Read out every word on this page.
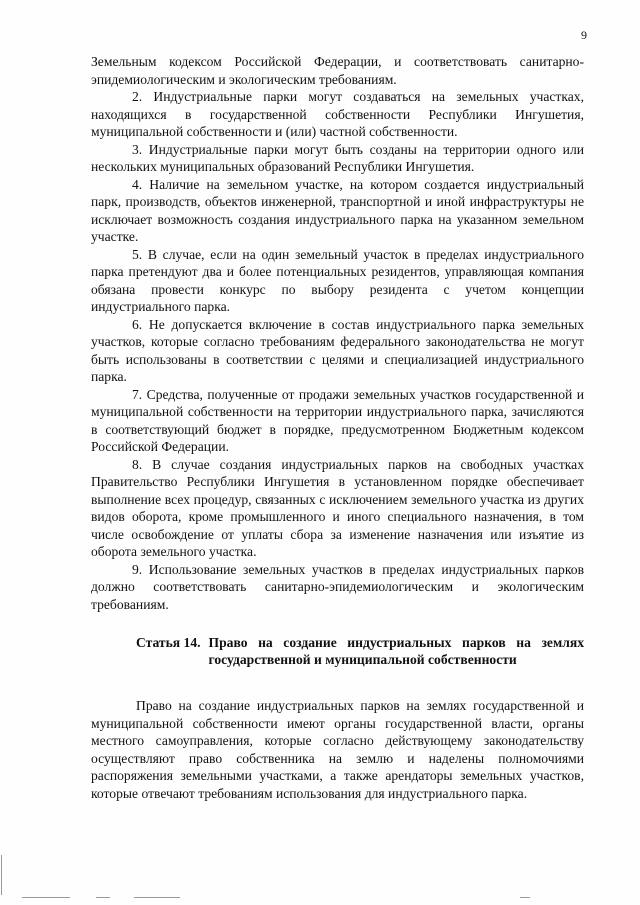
9

Земельным кодексом Российской Федерации, и соответствовать санитарно-эпидемиологическим и экологическим требованиям.

2. Индустриальные парки могут создаваться на земельных участках, находящихся в государственной собственности Республики Ингушетия, муниципальной собственности и (или) частной собственности.

3. Индустриальные парки могут быть созданы на территории одного или нескольких муниципальных образований Республики Ингушетия.

4. Наличие на земельном участке, на котором создается индустриальный парк, производств, объектов инженерной, транспортной и иной инфраструктуры не исключает возможность создания индустриального парка на указанном земельном участке.

5. В случае, если на один земельный участок в пределах индустриального парка претендуют два и более потенциальных резидентов, управляющая компания обязана провести конкурс по выбору резидента с учетом концепции индустриального парка.

6. Не допускается включение в состав индустриального парка земельных участков, которые согласно требованиям федерального законодательства не могут быть использованы в соответствии с целями и специализацией индустриального парка.

7. Средства, полученные от продажи земельных участков государственной и муниципальной собственности на территории индустриального парка, зачисляются в соответствующий бюджет в порядке, предусмотренном Бюджетным кодексом Российской Федерации.

8. В случае создания индустриальных парков на свободных участках Правительство Республики Ингушетия в установленном порядке обеспечивает выполнение всех процедур, связанных с исключением земельного участка из других видов оборота, кроме промышленного и иного специального назначения, в том числе освобождение от уплаты сбора за изменение назначения или изъятие из оборота земельного участка.

9. Использование земельных участков в пределах индустриальных парков должно соответствовать санитарно-эпидемиологическим и экологическим требованиям.

Статья 14. Право на создание индустриальных парков на землях государственной и муниципальной собственности

Право на создание индустриальных парков на землях государственной и муниципальной собственности имеют органы государственной власти, органы местного самоуправления, которые согласно действующему законодательству осуществляют право собственника на землю и наделены полномочиями распоряжения земельными участками, а также арендаторы земельных участков, которые отвечают требованиям использования для индустриального парка.
